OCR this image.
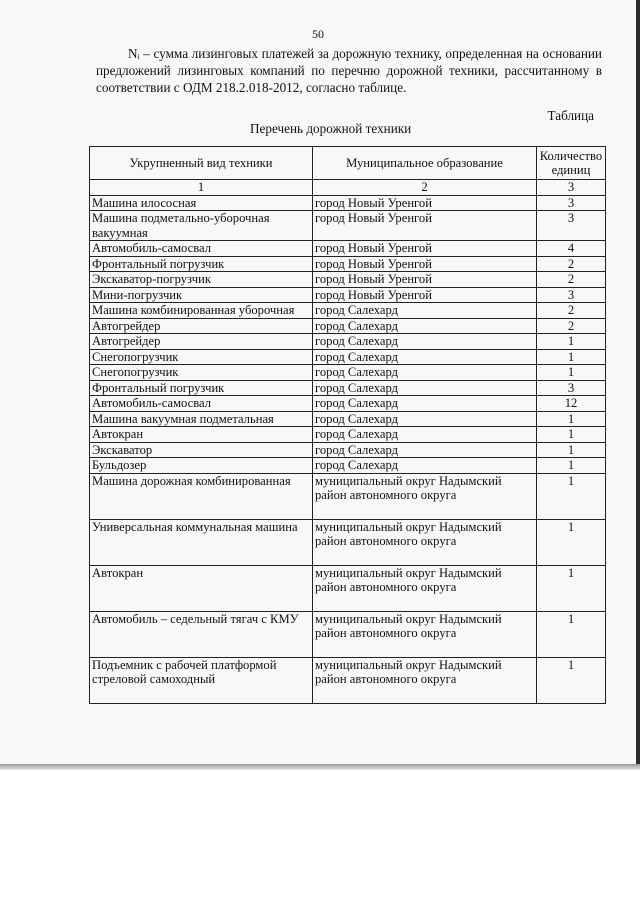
50

Nᵢ – сумма лизинговых платежей за дорожную технику, определенная на основании предложений лизинговых компаний по перечню дорожной техники, рассчитанному в соответствии с ОДМ 218.2.018-2012, согласно таблице.

Таблица
Перечень дорожной техники
Укрупненный вид техники	Муниципальное образование	Количество единиц
1	2	3
Машина илососная	город Новый Уренгой	3
Машина подметально-уборочная вакуумная	город Новый Уренгой	3
Автомобиль-самосвал	город Новый Уренгой	4
Фронтальный погрузчик	город Новый Уренгой	2
Экскаватор-погрузчик	город Новый Уренгой	2
Мини-погрузчик	город Новый Уренгой	3
Машина комбинированная уборочная	город Салехард	2
Автогрейдер	город Салехард	2
Автогрейдер	город Салехард	1
Снегопогрузчик	город Салехард	1
Снегопогрузчик	город Салехард	1
Фронтальный погрузчик	город Салехард	3
Автомобиль-самосвал	город Салехард	12
Машина вакуумная подметальная	город Салехард	1
Автокран	город Салехард	1
Экскаватор	город Салехард	1
Бульдозер	город Салехард	1
Машина дорожная комбинированная	муниципальный округ Надымский район автономного округа	1
Универсальная коммунальная машина	муниципальный округ Надымский район автономного округа	1
Автокран	муниципальный округ Надымский район автономного округа	1
Автомобиль – седельный тягач с КМУ	муниципальный округ Надымский район автономного округа	1
Подъемник с рабочей платформой стреловой самоходный	муниципальный округ Надымский район автономного округа	1
